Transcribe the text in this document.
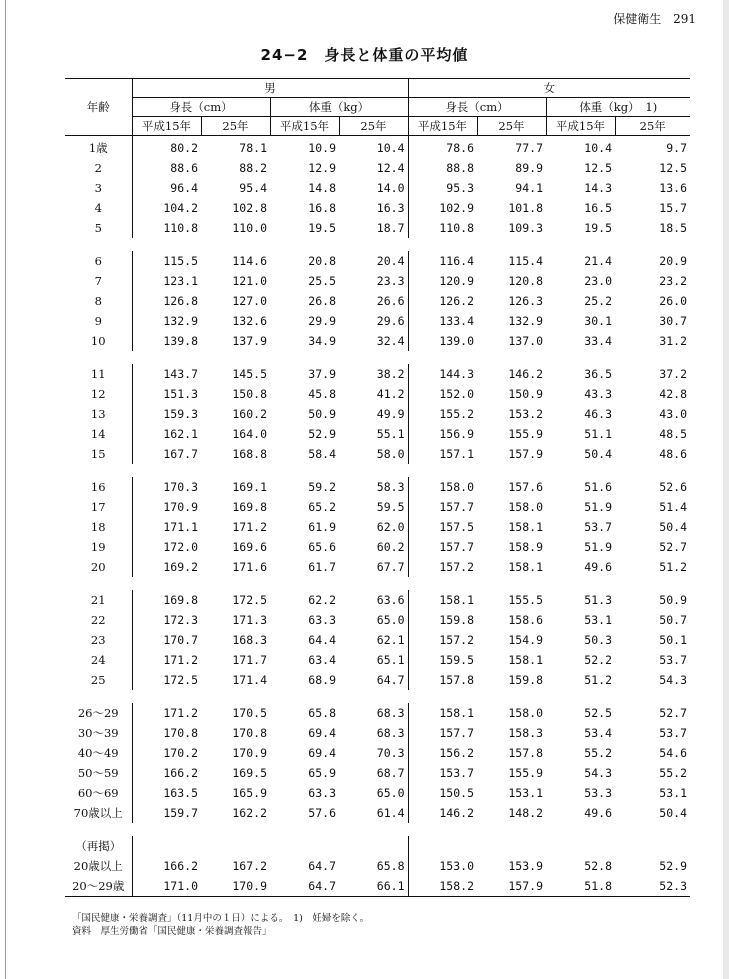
保健衛生 291
24−2　身長と体重の平均値
年齢	男				女			
	身長（cm）		体重（kg）		身長（cm）		体重（kg）　1)	
	平成15年	25年	平成15年	25年	平成15年	25年	平成15年	25年
1歳	80.2	78.1	10.9	10.4	78.6	77.7	10.4	9.7
2	88.6	88.2	12.9	12.4	88.8	89.9	12.5	12.5
3	96.4	95.4	14.8	14.0	95.3	94.1	14.3	13.6
4	104.2	102.8	16.8	16.3	102.9	101.8	16.5	15.7
5	110.8	110.0	19.5	18.7	110.8	109.3	19.5	18.5

6	115.5	114.6	20.8	20.4	116.4	115.4	21.4	20.9
7	123.1	121.0	25.5	23.3	120.9	120.8	23.0	23.2
8	126.8	127.0	26.8	26.6	126.2	126.3	25.2	26.0
9	132.9	132.6	29.9	29.6	133.4	132.9	30.1	30.7
10	139.8	137.9	34.9	32.4	139.0	137.0	33.4	31.2

11	143.7	145.5	37.9	38.2	144.3	146.2	36.5	37.2
12	151.3	150.8	45.8	41.2	152.0	150.9	43.3	42.8
13	159.3	160.2	50.9	49.9	155.2	153.2	46.3	43.0
14	162.1	164.0	52.9	55.1	156.9	155.9	51.1	48.5
15	167.7	168.8	58.4	58.0	157.1	157.9	50.4	48.6

16	170.3	169.1	59.2	58.3	158.0	157.6	51.6	52.6
17	170.9	169.8	65.2	59.5	157.7	158.0	51.9	51.4
18	171.1	171.2	61.9	62.0	157.5	158.1	53.7	50.4
19	172.0	169.6	65.6	60.2	157.7	158.9	51.9	52.7
20	169.2	171.6	61.7	67.7	157.2	158.1	49.6	51.2

21	169.8	172.5	62.2	63.6	158.1	155.5	51.3	50.9
22	172.3	171.3	63.3	65.0	159.8	158.6	53.1	50.7
23	170.7	168.3	64.4	62.1	157.2	154.9	50.3	50.1
24	171.2	171.7	63.4	65.1	159.5	158.1	52.2	53.7
25	172.5	171.4	68.9	64.7	157.8	159.8	51.2	54.3

26〜29	171.2	170.5	65.8	68.3	158.1	158.0	52.5	52.7
30〜39	170.8	170.8	69.4	68.3	157.7	158.3	53.4	53.7
40〜49	170.2	170.9	69.4	70.3	156.2	157.8	55.2	54.6
50〜59	166.2	169.5	65.9	68.7	153.7	155.9	54.3	55.2
60〜69	163.5	165.9	63.3	65.0	150.5	153.1	53.3	53.1
70歳以上	159.7	162.2	57.6	61.4	146.2	148.2	49.6	50.4

（再掲）								
20歳以上	166.2	167.2	64.7	65.8	153.0	153.9	52.8	52.9
20〜29歳	171.0	170.9	64.7	66.1	158.2	157.9	51.8	52.3
「国民健康・栄養調査」（11月中の１日）による。　1)　妊婦を除く。
資料　厚生労働省「国民健康・栄養調査報告」
